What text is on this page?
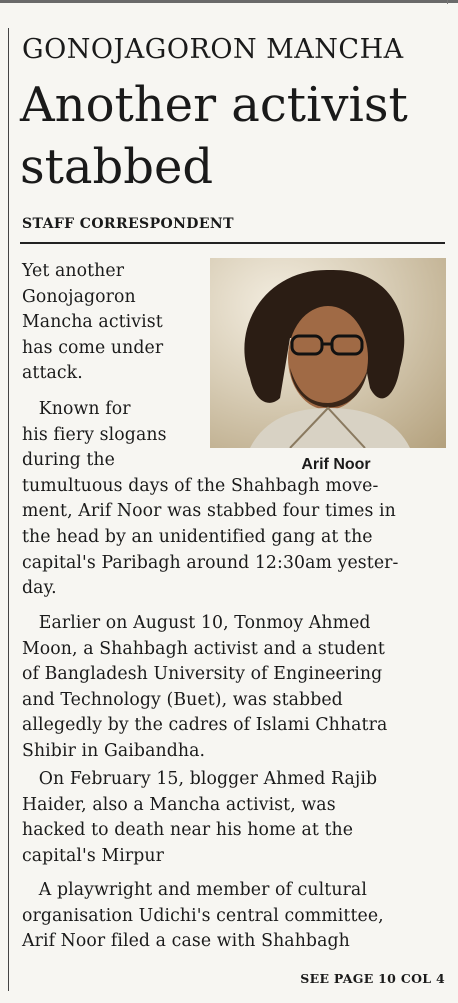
GONOJAGORON MANCHA
Another activist
stabbed
STAFF CORRESPONDENT
Arif Noor

Yet another

Gonojagoron

Mancha activist

has come under

attack.

Known for

his fiery slogans

during the

tumultuous days of the Shahbagh move-

ment, Arif Noor was stabbed four times in

the head by an unidentified gang at the

capital's Paribagh around 12:30am yester-

day.

Earlier on August 10, Tonmoy Ahmed

Moon, a Shahbagh activist and a student

of Bangladesh University of Engineering

and Technology (Buet), was stabbed

allegedly by the cadres of Islami Chhatra

Shibir in Gaibandha.

On February 15, blogger Ahmed Rajib

Haider, also a Mancha activist, was

hacked to death near his home at the

capital's Mirpur

A playwright and member of cultural

organisation Udichi's central committee,

Arif Noor filed a case with Shahbagh

SEE PAGE 10 COL 4
